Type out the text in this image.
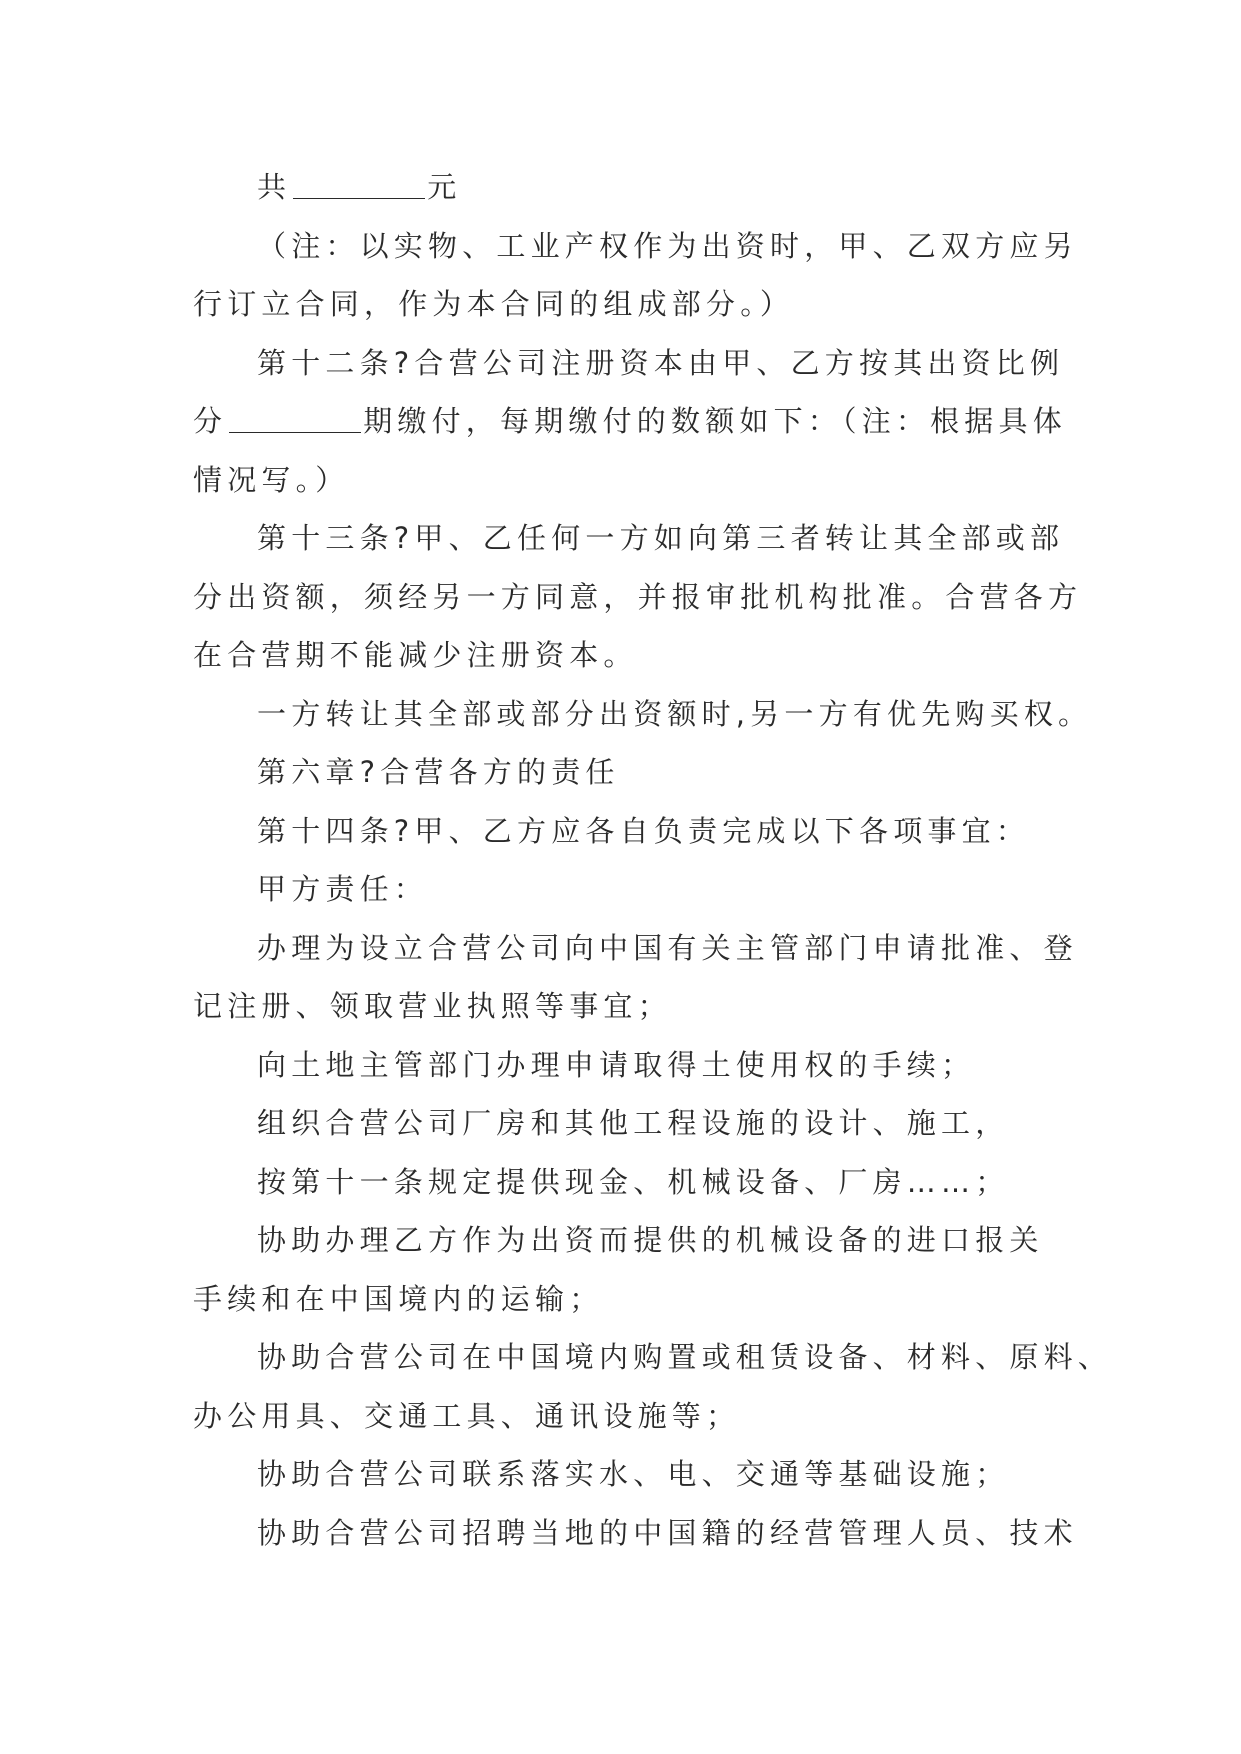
共	元
（注：以实物、工业产权作为出资时，甲、乙双方应另
行订立合同，作为本合同的组成部分。）
第十二条?合营公司注册资本由甲、乙方按其出资比例
分	期缴付，每期缴付的数额如下：（注：根据具体
情况写。）
第十三条?甲、乙任何一方如向第三者转让其全部或部
分出资额，须经另一方同意，并报审批机构批准。合营各方
在合营期不能减少注册资本。
一方转让其全部或部分出资额时,另一方有优先购买权。
第六章?合营各方的责任
第十四条?甲、乙方应各自负责完成以下各项事宜：
甲方责任：
办理为设立合营公司向中国有关主管部门申请批准、登
记注册、领取营业执照等事宜；
向土地主管部门办理申请取得土使用权的手续；
组织合营公司厂房和其他工程设施的设计、施工，
按第十一条规定提供现金、机械设备、厂房……；
协助办理乙方作为出资而提供的机械设备的进口报关
手续和在中国境内的运输；
协助合营公司在中国境内购置或租赁设备、材料、原料、
办公用具、交通工具、通讯设施等；
协助合营公司联系落实水、电、交通等基础设施；
协助合营公司招聘当地的中国籍的经营管理人员、技术
